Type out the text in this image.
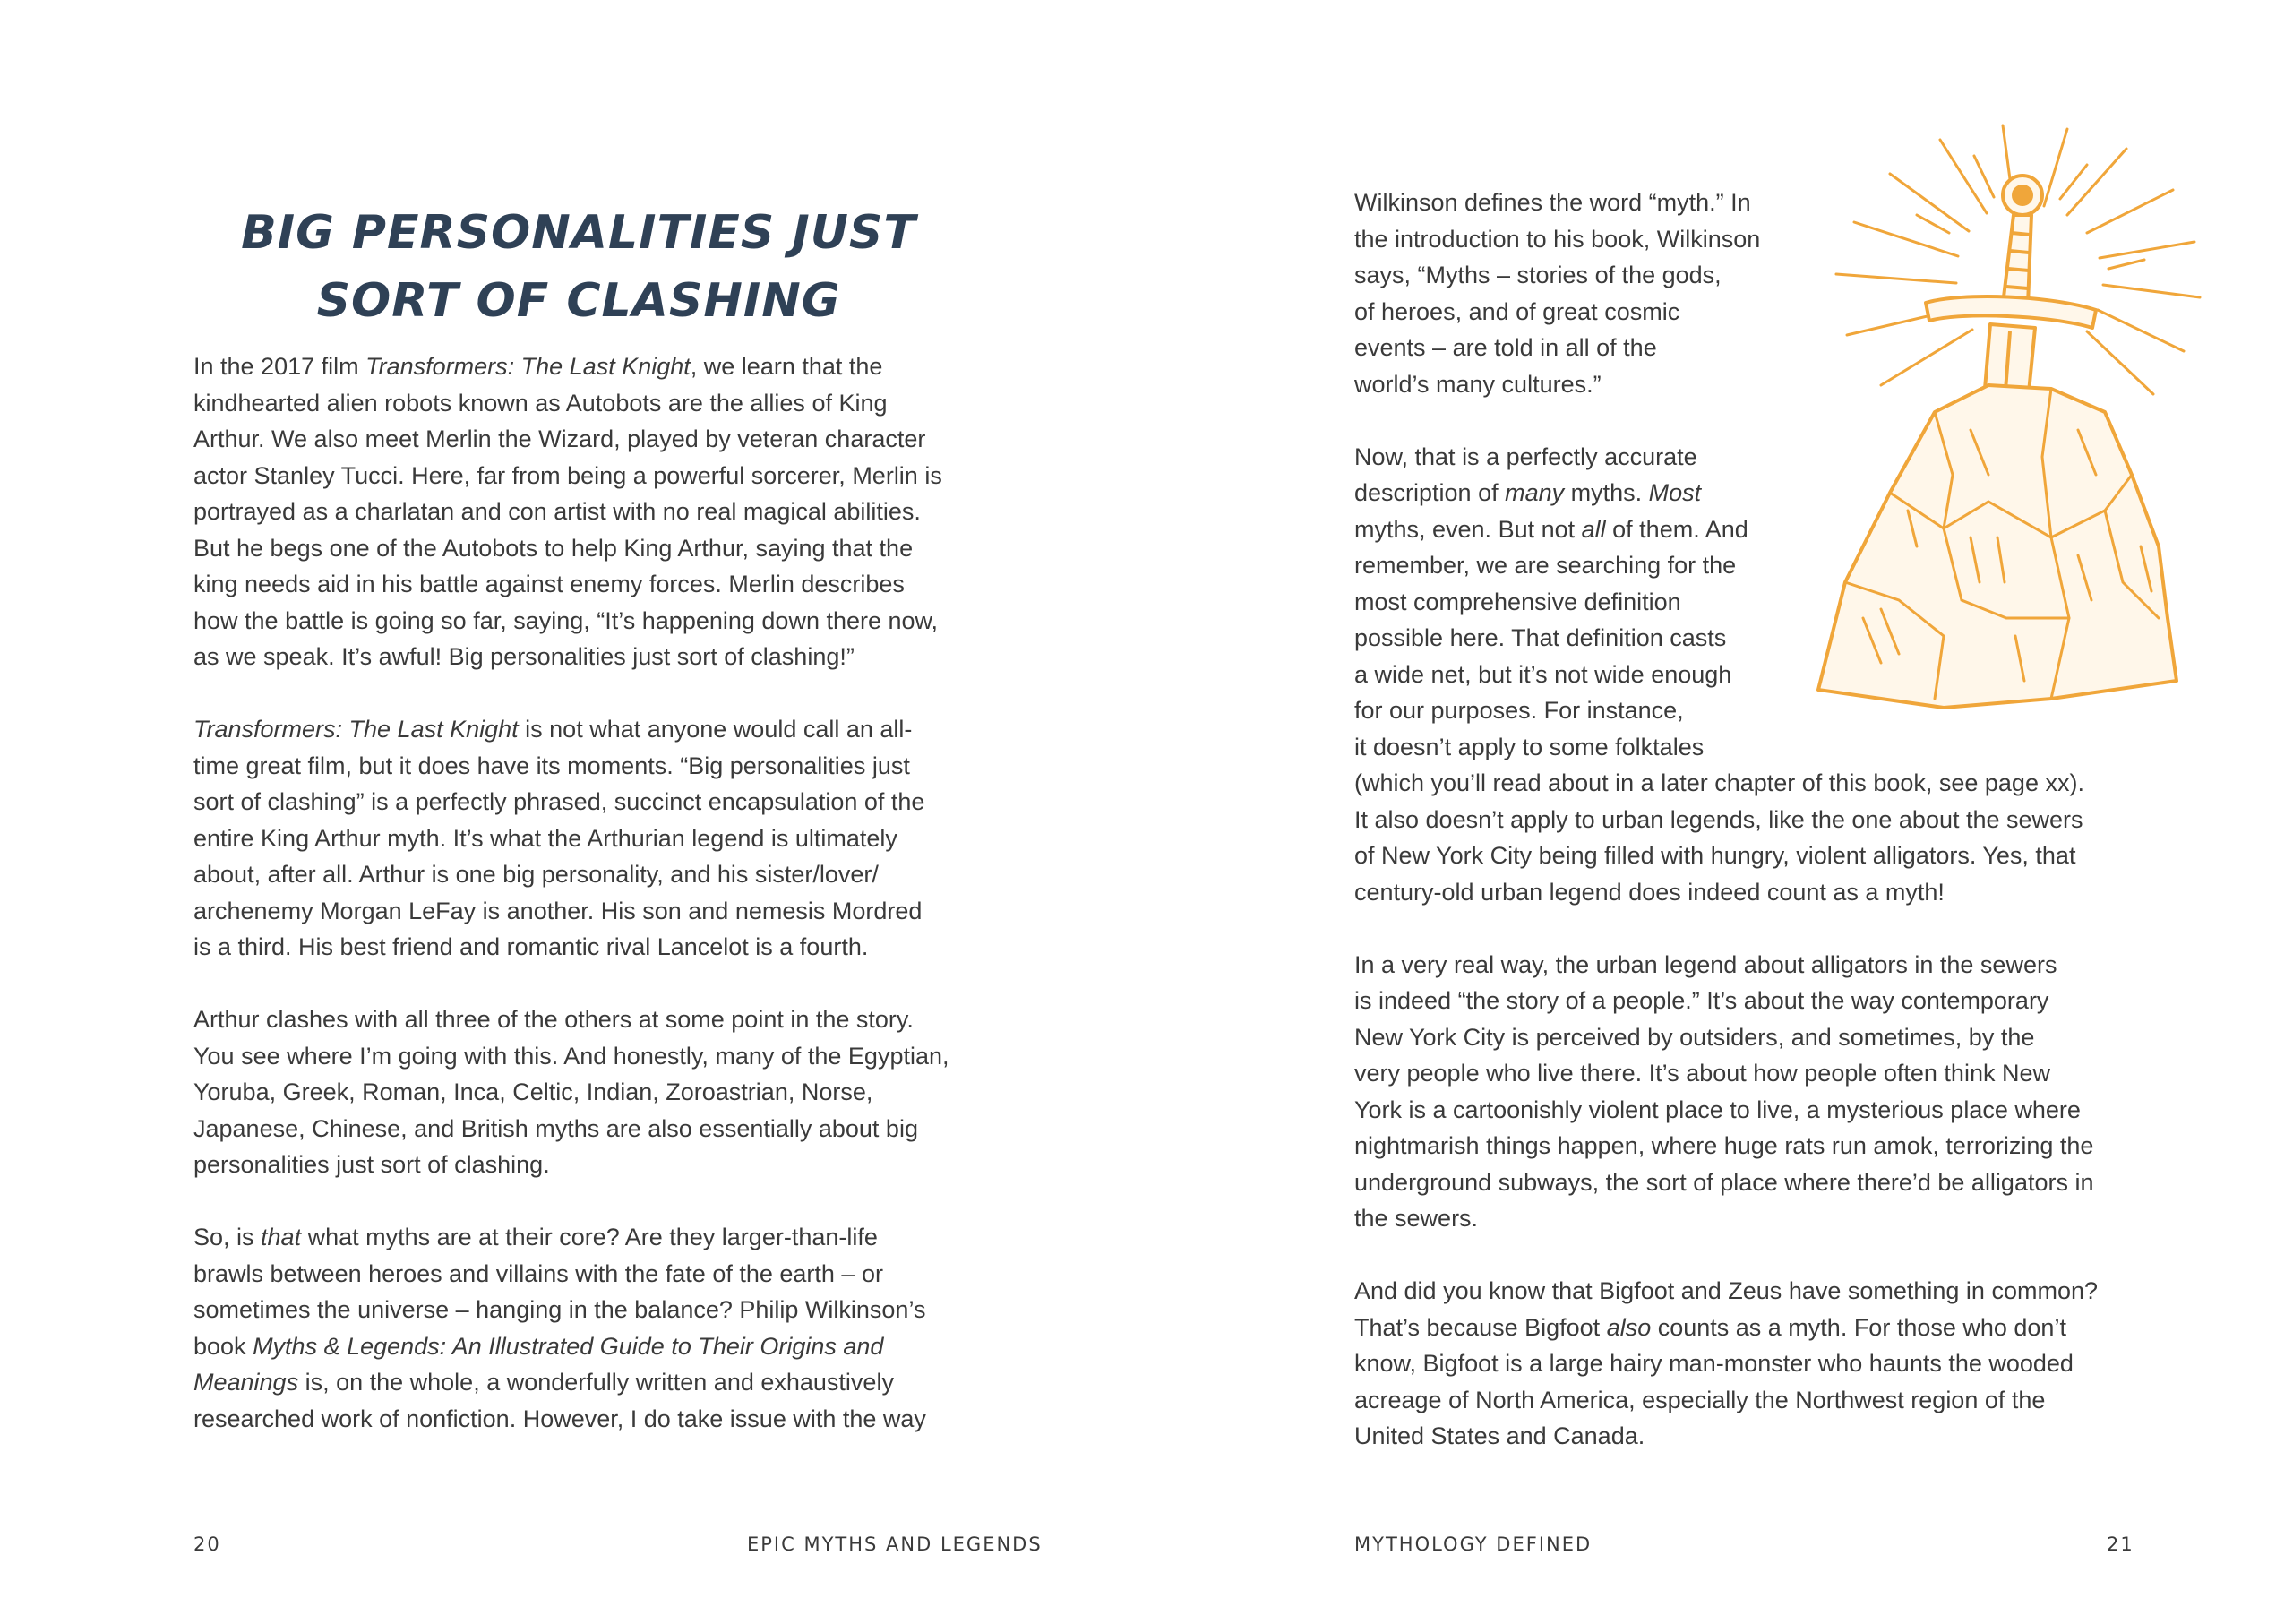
BIG PERSONALITIES JUST
SORT OF CLASHING
In the 2017 film Transformers: The Last Knight, we learn that the
kindhearted alien robots known as Autobots are the allies of King
Arthur. We also meet Merlin the Wizard, played by veteran character
actor Stanley Tucci. Here, far from being a powerful sorcerer, Merlin is
portrayed as a charlatan and con artist with no real magical abilities.
But he begs one of the Autobots to help King Arthur, saying that the
king needs aid in his battle against enemy forces. Merlin describes
how the battle is going so far, saying, “It’s happening down there now,
as we speak. It’s awful! Big personalities just sort of clashing!”
Transformers: The Last Knight is not what anyone would call an all-
time great film, but it does have its moments. “Big personalities just
sort of clashing” is a perfectly phrased, succinct encapsulation of the
entire King Arthur myth. It’s what the Arthurian legend is ultimately
about, after all. Arthur is one big personality, and his sister/lover/
archenemy Morgan LeFay is another. His son and nemesis Mordred
is a third. His best friend and romantic rival Lancelot is a fourth.
Arthur clashes with all three of the others at some point in the story.
You see where I’m going with this. And honestly, many of the Egyptian,
Yoruba, Greek, Roman, Inca, Celtic, Indian, Zoroastrian, Norse,
Japanese, Chinese, and British myths are also essentially about big
personalities just sort of clashing.
So, is that what myths are at their core? Are they larger-than-life
brawls between heroes and villains with the fate of the earth – or
sometimes the universe – hanging in the balance? Philip Wilkinson’s
book Myths & Legends: An Illustrated Guide to Their Origins and
Meanings is, on the whole, a wonderfully written and exhaustively
researched work of nonfiction. However, I do take issue with the way
Wilkinson defines the word “myth.” In
the introduction to his book, Wilkinson
says, “Myths – stories of the gods,
of heroes, and of great cosmic
events – are told in all of the
world’s many cultures.”
Now, that is a perfectly accurate
description of many myths. Most
myths, even. But not all of them. And
remember, we are searching for the
most comprehensive definition
possible here. That definition casts
a wide net, but it’s not wide enough
for our purposes. For instance,
it doesn’t apply to some folktales
(which you’ll read about in a later chapter of this book, see page xx).
It also doesn’t apply to urban legends, like the one about the sewers
of New York City being filled with hungry, violent alligators. Yes, that
century-old urban legend does indeed count as a myth!
In a very real way, the urban legend about alligators in the sewers
is indeed “the story of a people.” It’s about the way contemporary
New York City is perceived by outsiders, and sometimes, by the
very people who live there. It’s about how people often think New
York is a cartoonishly violent place to live, a mysterious place where
nightmarish things happen, where huge rats run amok, terrorizing the
underground subways, the sort of place where there’d be alligators in
the sewers.
And did you know that Bigfoot and Zeus have something in common?
That’s because Bigfoot also counts as a myth. For those who don’t
know, Bigfoot is a large hairy man-monster who haunts the wooded
acreage of North America, especially the Northwest region of the
United States and Canada.
20	EPIC MYTHS AND LEGENDS	MYTHOLOGY DEFINED	21
